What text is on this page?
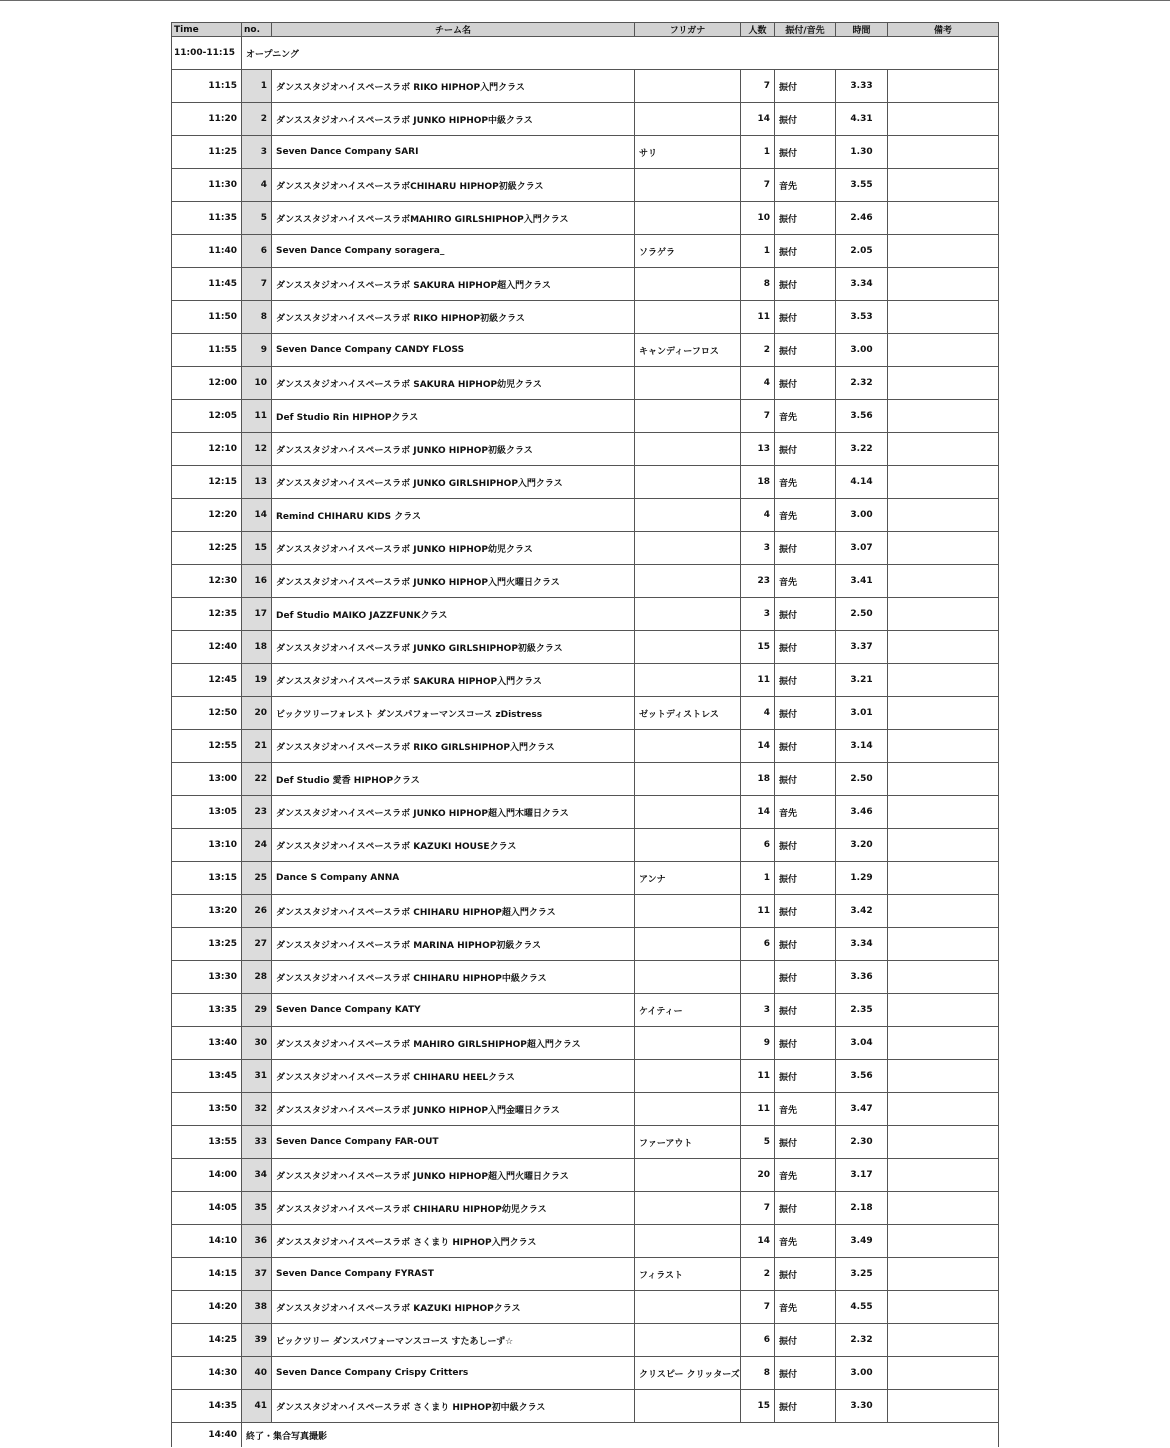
Time	no.	チーム名	フリガナ	人数	振付/音先	時間	備考
11:00-11:15	オープニング						
11:15	1	ダンススタジオハイスペースラボ RIKO HIPHOP入門クラス		7	振付	3.33	
11:20	2	ダンススタジオハイスペースラボ JUNKO HIPHOP中級クラス		14	振付	4.31	
11:25	3	Seven Dance Company SARI	サリ	1	振付	1.30	
11:30	4	ダンススタジオハイスペースラボCHIHARU HIPHOP初級クラス		7	音先	3.55	
11:35	5	ダンススタジオハイスペースラボMAHIRO GIRLSHIPHOP入門クラス		10	振付	2.46	
11:40	6	Seven Dance Company soragera_	ソラゲラ	1	振付	2.05	
11:45	7	ダンススタジオハイスペースラボ SAKURA HIPHOP超入門クラス		8	振付	3.34	
11:50	8	ダンススタジオハイスペースラボ RIKO HIPHOP初級クラス		11	振付	3.53	
11:55	9	Seven Dance Company CANDY FLOSS	キャンディーフロス	2	振付	3.00	
12:00	10	ダンススタジオハイスペースラボ SAKURA HIPHOP幼児クラス		4	振付	2.32	
12:05	11	Def Studio Rin HIPHOPクラス		7	音先	3.56	
12:10	12	ダンススタジオハイスペースラボ JUNKO HIPHOP初級クラス		13	振付	3.22	
12:15	13	ダンススタジオハイスペースラボ JUNKO GIRLSHIPHOP入門クラス		18	音先	4.14	
12:20	14	Remind CHIHARU KIDS クラス		4	音先	3.00	
12:25	15	ダンススタジオハイスペースラボ JUNKO HIPHOP幼児クラス		3	振付	3.07	
12:30	16	ダンススタジオハイスペースラボ JUNKO HIPHOP入門火曜日クラス		23	音先	3.41	
12:35	17	Def Studio MAIKO JAZZFUNKクラス		3	振付	2.50	
12:40	18	ダンススタジオハイスペースラボ JUNKO GIRLSHIPHOP初級クラス		15	振付	3.37	
12:45	19	ダンススタジオハイスペースラボ SAKURA HIPHOP入門クラス		11	振付	3.21	
12:50	20	ビックツリーフォレスト ダンスパフォーマンスコース zDistress	ゼットディストレス	4	振付	3.01	
12:55	21	ダンススタジオハイスペースラボ RIKO GIRLSHIPHOP入門クラス		14	振付	3.14	
13:00	22	Def Studio 愛香 HIPHOPクラス		18	振付	2.50	
13:05	23	ダンススタジオハイスペースラボ JUNKO HIPHOP超入門木曜日クラス		14	音先	3.46	
13:10	24	ダンススタジオハイスペースラボ KAZUKI HOUSEクラス		6	振付	3.20	
13:15	25	Dance S Company ANNA	アンナ	1	振付	1.29	
13:20	26	ダンススタジオハイスペースラボ CHIHARU HIPHOP超入門クラス		11	振付	3.42	
13:25	27	ダンススタジオハイスペースラボ MARINA HIPHOP初級クラス		6	振付	3.34	
13:30	28	ダンススタジオハイスペースラボ CHIHARU HIPHOP中級クラス			振付	3.36	
13:35	29	Seven Dance Company KATY	ケイティー	3	振付	2.35	
13:40	30	ダンススタジオハイスペースラボ MAHIRO GIRLSHIPHOP超入門クラス		9	振付	3.04	
13:45	31	ダンススタジオハイスペースラボ CHIHARU HEELクラス		11	振付	3.56	
13:50	32	ダンススタジオハイスペースラボ JUNKO HIPHOP入門金曜日クラス		11	音先	3.47	
13:55	33	Seven Dance Company FAR-OUT	ファーアウト	5	振付	2.30	
14:00	34	ダンススタジオハイスペースラボ JUNKO HIPHOP超入門火曜日クラス		20	音先	3.17	
14:05	35	ダンススタジオハイスペースラボ CHIHARU HIPHOP幼児クラス		7	振付	2.18	
14:10	36	ダンススタジオハイスペースラボ さくまり HIPHOP入門クラス		14	音先	3.49	
14:15	37	Seven Dance Company FYRAST	フィラスト	2	振付	3.25	
14:20	38	ダンススタジオハイスペースラボ KAZUKI HIPHOPクラス		7	音先	4.55	
14:25	39	ビックツリー ダンスパフォーマンスコース すたあしーず☆		6	振付	2.32	
14:30	40	Seven Dance Company Crispy Critters	クリスピー クリッターズ	8	振付	3.00	
14:35	41	ダンススタジオハイスペースラボ さくまり HIPHOP初中級クラス		15	振付	3.30	
14:40	終了・集合写真撮影						
